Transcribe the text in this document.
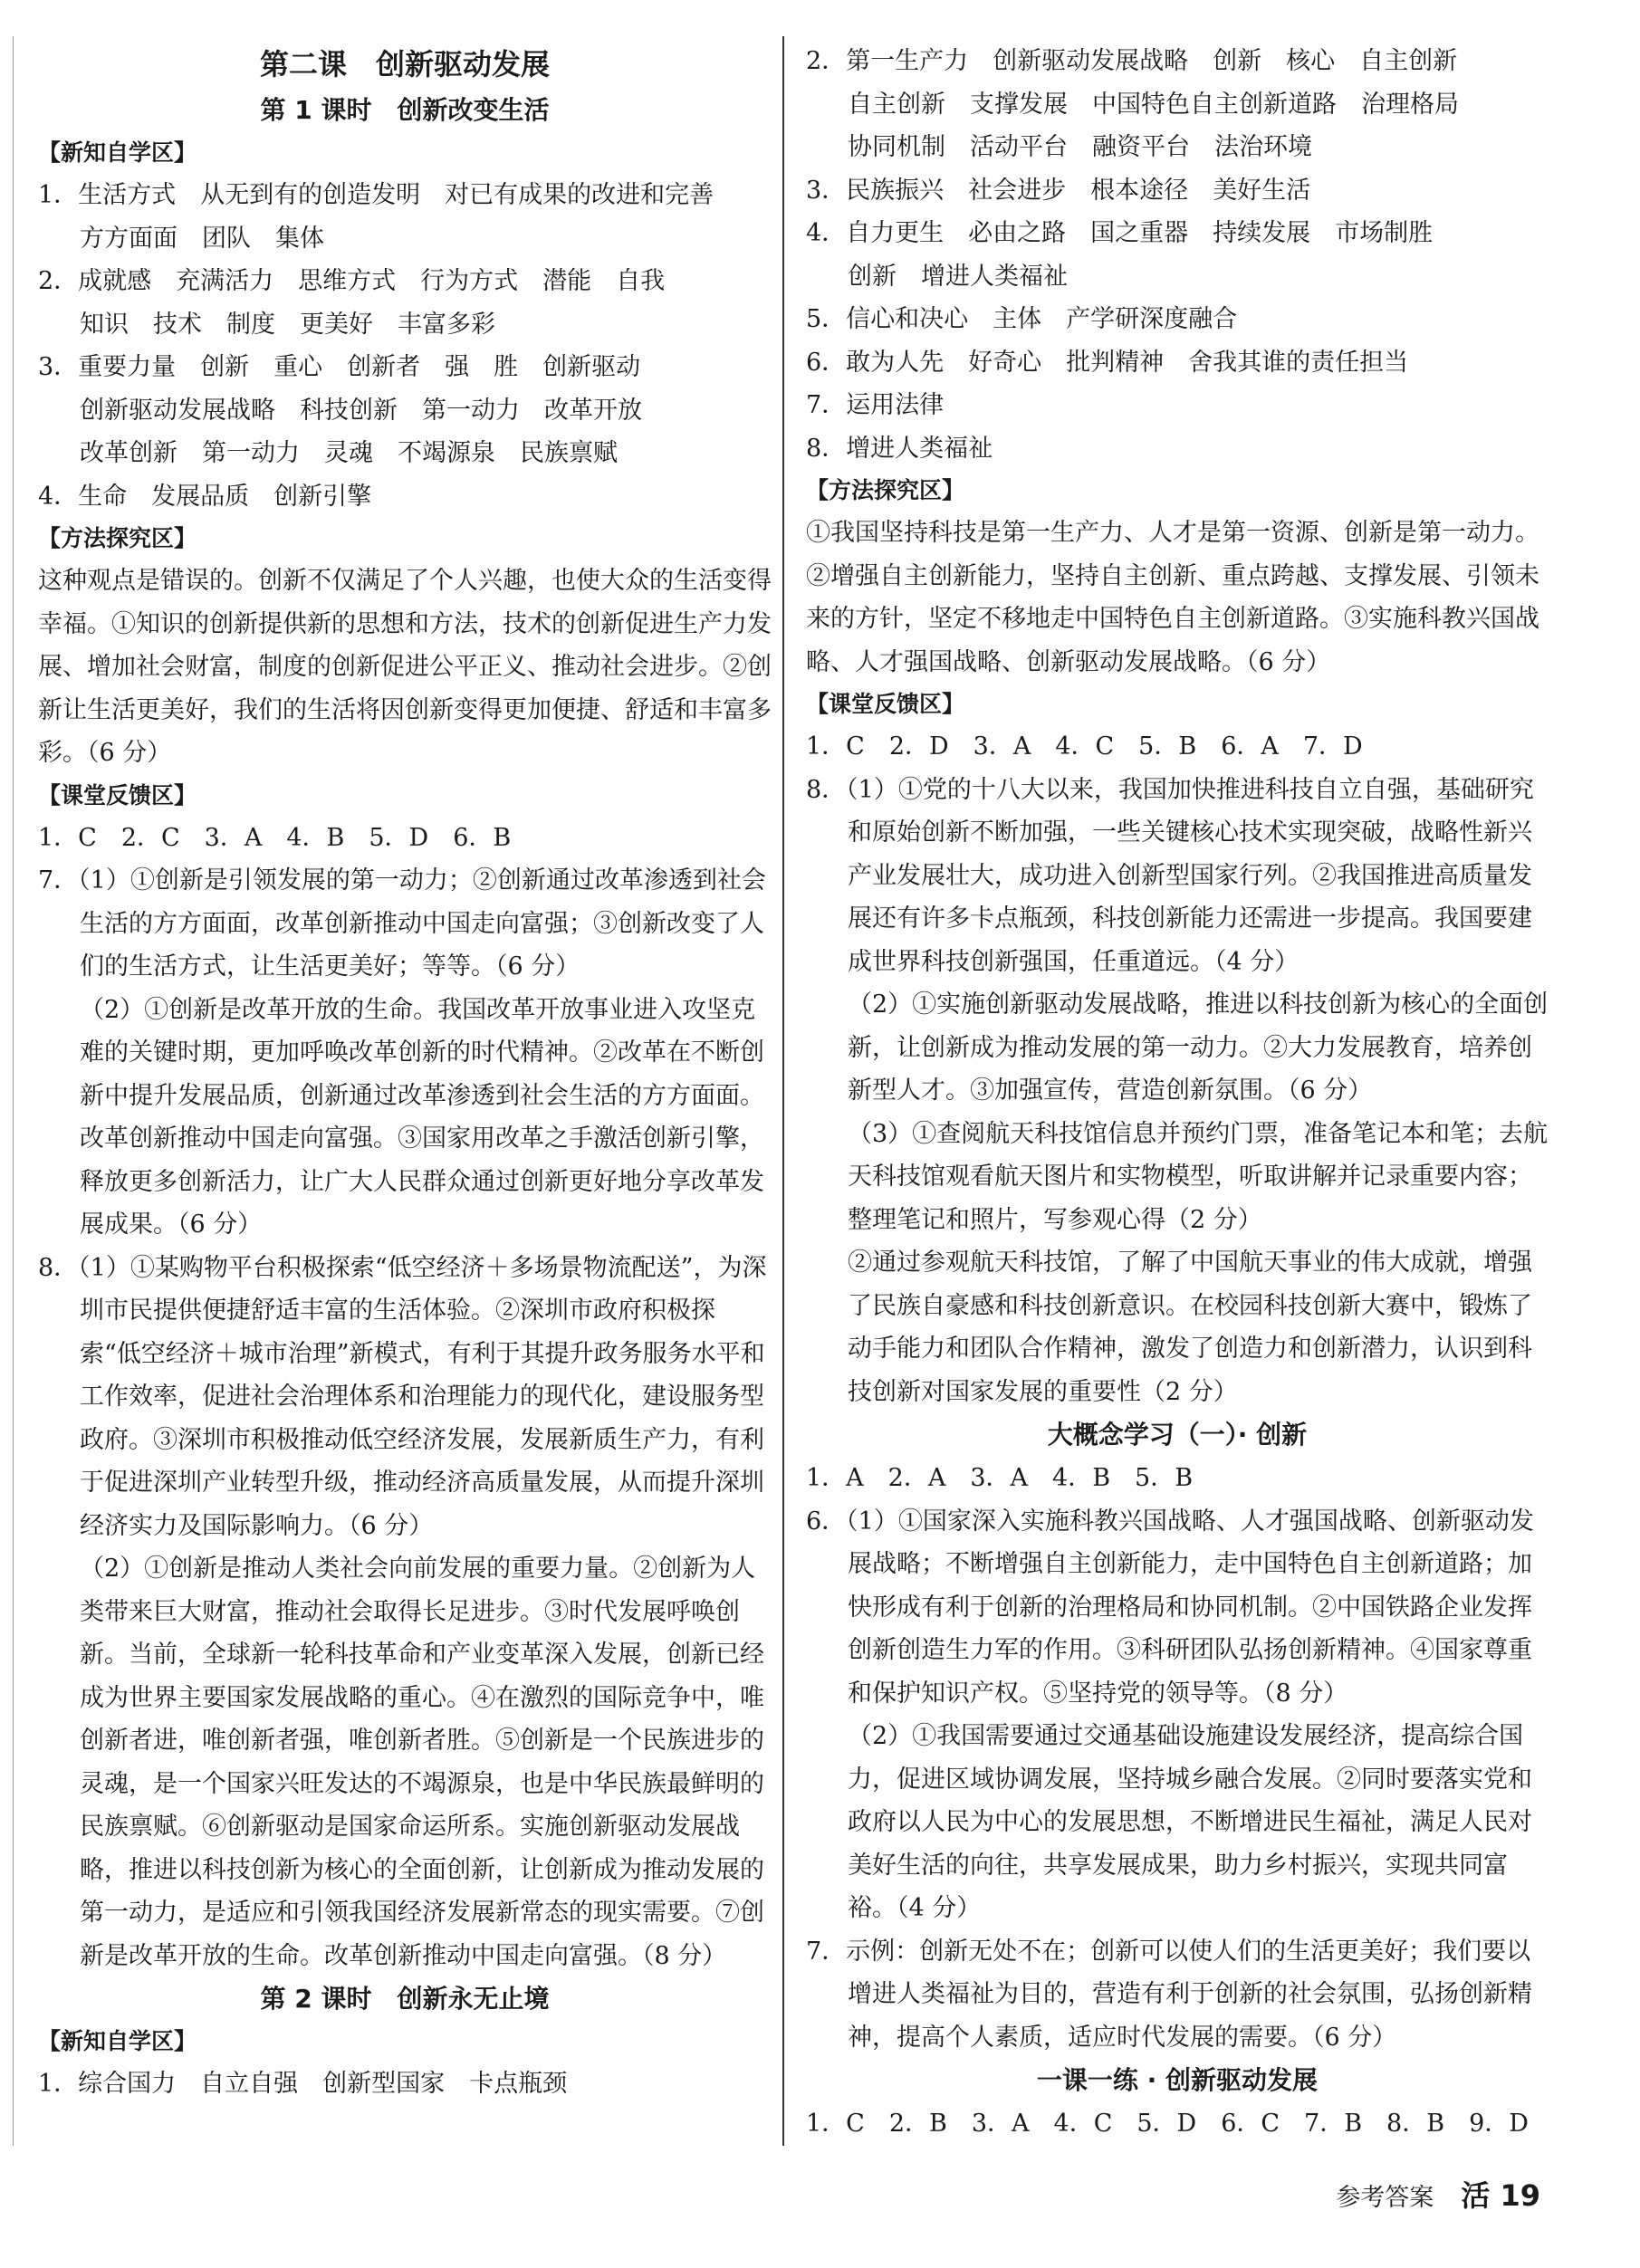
第二课　创新驱动发展
第 1 课时　创新改变生活
【新知自学区】
1．生活方式　从无到有的创造发明　对已有成果的改进和完善
方方面面　团队　集体
2．成就感　充满活力　思维方式　行为方式　潜能　自我
知识　技术　制度　更美好　丰富多彩
3．重要力量　创新　重心　创新者　强　胜　创新驱动
创新驱动发展战略　科技创新　第一动力　改革开放
改革创新　第一动力　灵魂　不竭源泉　民族禀赋
4．生命　发展品质　创新引擎
【方法探究区】
这种观点是错误的。创新不仅满足了个人兴趣，也使大众的生活变得幸福。①知识的创新提供新的思想和方法，技术的创新促进生产力发展、增加社会财富，制度的创新促进公平正义、推动社会进步。②创新让生活更美好，我们的生活将因创新变得更加便捷、舒适和丰富多彩。（6 分）
【课堂反馈区】
1．C　2．C　3．A　4．B　5．D　6．B
7．（1）①创新是引领发展的第一动力；②创新通过改革渗透到社会生活的方方面面，改革创新推动中国走向富强；③创新改变了人们的生活方式，让生活更美好；等等。（6 分）
（2）①创新是改革开放的生命。我国改革开放事业进入攻坚克难的关键时期，更加呼唤改革创新的时代精神。②改革在不断创新中提升发展品质，创新通过改革渗透到社会生活的方方面面。改革创新推动中国走向富强。③国家用改革之手激活创新引擎，释放更多创新活力，让广大人民群众通过创新更好地分享改革发展成果。（6 分）
8．（1）①某购物平台积极探索“低空经济＋多场景物流配送”，为深圳市民提供便捷舒适丰富的生活体验。②深圳市政府积极探索“低空经济＋城市治理”新模式，有利于其提升政务服务水平和工作效率，促进社会治理体系和治理能力的现代化，建设服务型政府。③深圳市积极推动低空经济发展，发展新质生产力，有利于促进深圳产业转型升级，推动经济高质量发展，从而提升深圳经济实力及国际影响力。（6 分）
（2）①创新是推动人类社会向前发展的重要力量。②创新为人类带来巨大财富，推动社会取得长足进步。③时代发展呼唤创新。当前，全球新一轮科技革命和产业变革深入发展，创新已经成为世界主要国家发展战略的重心。④在激烈的国际竞争中，唯创新者进，唯创新者强，唯创新者胜。⑤创新是一个民族进步的灵魂，是一个国家兴旺发达的不竭源泉，也是中华民族最鲜明的民族禀赋。⑥创新驱动是国家命运所系。实施创新驱动发展战略，推进以科技创新为核心的全面创新，让创新成为推动发展的第一动力，是适应和引领我国经济发展新常态的现实需要。⑦创新是改革开放的生命。改革创新推动中国走向富强。（8 分）
第 2 课时　创新永无止境
【新知自学区】
1．综合国力　自立自强　创新型国家　卡点瓶颈
2．第一生产力　创新驱动发展战略　创新　核心　自主创新
自主创新　支撑发展　中国特色自主创新道路　治理格局
协同机制　活动平台　融资平台　法治环境
3．民族振兴　社会进步　根本途径　美好生活
4．自力更生　必由之路　国之重器　持续发展　市场制胜
创新　增进人类福祉
5．信心和决心　主体　产学研深度融合
6．敢为人先　好奇心　批判精神　舍我其谁的责任担当
7．运用法律
8．增进人类福祉
【方法探究区】
①我国坚持科技是第一生产力、人才是第一资源、创新是第一动力。②增强自主创新能力，坚持自主创新、重点跨越、支撑发展、引领未来的方针，坚定不移地走中国特色自主创新道路。③实施科教兴国战略、人才强国战略、创新驱动发展战略。（6 分）
【课堂反馈区】
1．C　2．D　3．A　4．C　5．B　6．A　7．D
8．（1）①党的十八大以来，我国加快推进科技自立自强，基础研究和原始创新不断加强，一些关键核心技术实现突破，战略性新兴产业发展壮大，成功进入创新型国家行列。②我国推进高质量发展还有许多卡点瓶颈，科技创新能力还需进一步提高。我国要建成世界科技创新强国，任重道远。（4 分）
（2）①实施创新驱动发展战略，推进以科技创新为核心的全面创新，让创新成为推动发展的第一动力。②大力发展教育，培养创新型人才。③加强宣传，营造创新氛围。（6 分）
（3）①查阅航天科技馆信息并预约门票，准备笔记本和笔；去航天科技馆观看航天图片和实物模型，听取讲解并记录重要内容；整理笔记和照片，写参观心得（2 分）
②通过参观航天科技馆，了解了中国航天事业的伟大成就，增强了民族自豪感和科技创新意识。在校园科技创新大赛中，锻炼了动手能力和团队合作精神，激发了创造力和创新潜力，认识到科技创新对国家发展的重要性（2 分）
大概念学习（一）· 创新
1．A　2．A　3．A　4．B　5．B
6．（1）①国家深入实施科教兴国战略、人才强国战略、创新驱动发展战略；不断增强自主创新能力，走中国特色自主创新道路；加快形成有利于创新的治理格局和协同机制。②中国铁路企业发挥创新创造生力军的作用。③科研团队弘扬创新精神。④国家尊重和保护知识产权。⑤坚持党的领导等。（8 分）
（2）①我国需要通过交通基础设施建设发展经济，提高综合国力，促进区域协调发展，坚持城乡融合发展。②同时要落实党和政府以人民为中心的发展思想，不断增进民生福祉，满足人民对美好生活的向往，共享发展成果，助力乡村振兴，实现共同富裕。（4 分）
7．示例：创新无处不在；创新可以使人们的生活更美好；我们要以增进人类福祉为目的，营造有利于创新的社会氛围，弘扬创新精神，提高个人素质，适应时代发展的需要。（6 分）
一课一练 · 创新驱动发展
1．C　2．B　3．A　4．C　5．D　6．C　7．B　8．B　9．D
参考答案 活 19
